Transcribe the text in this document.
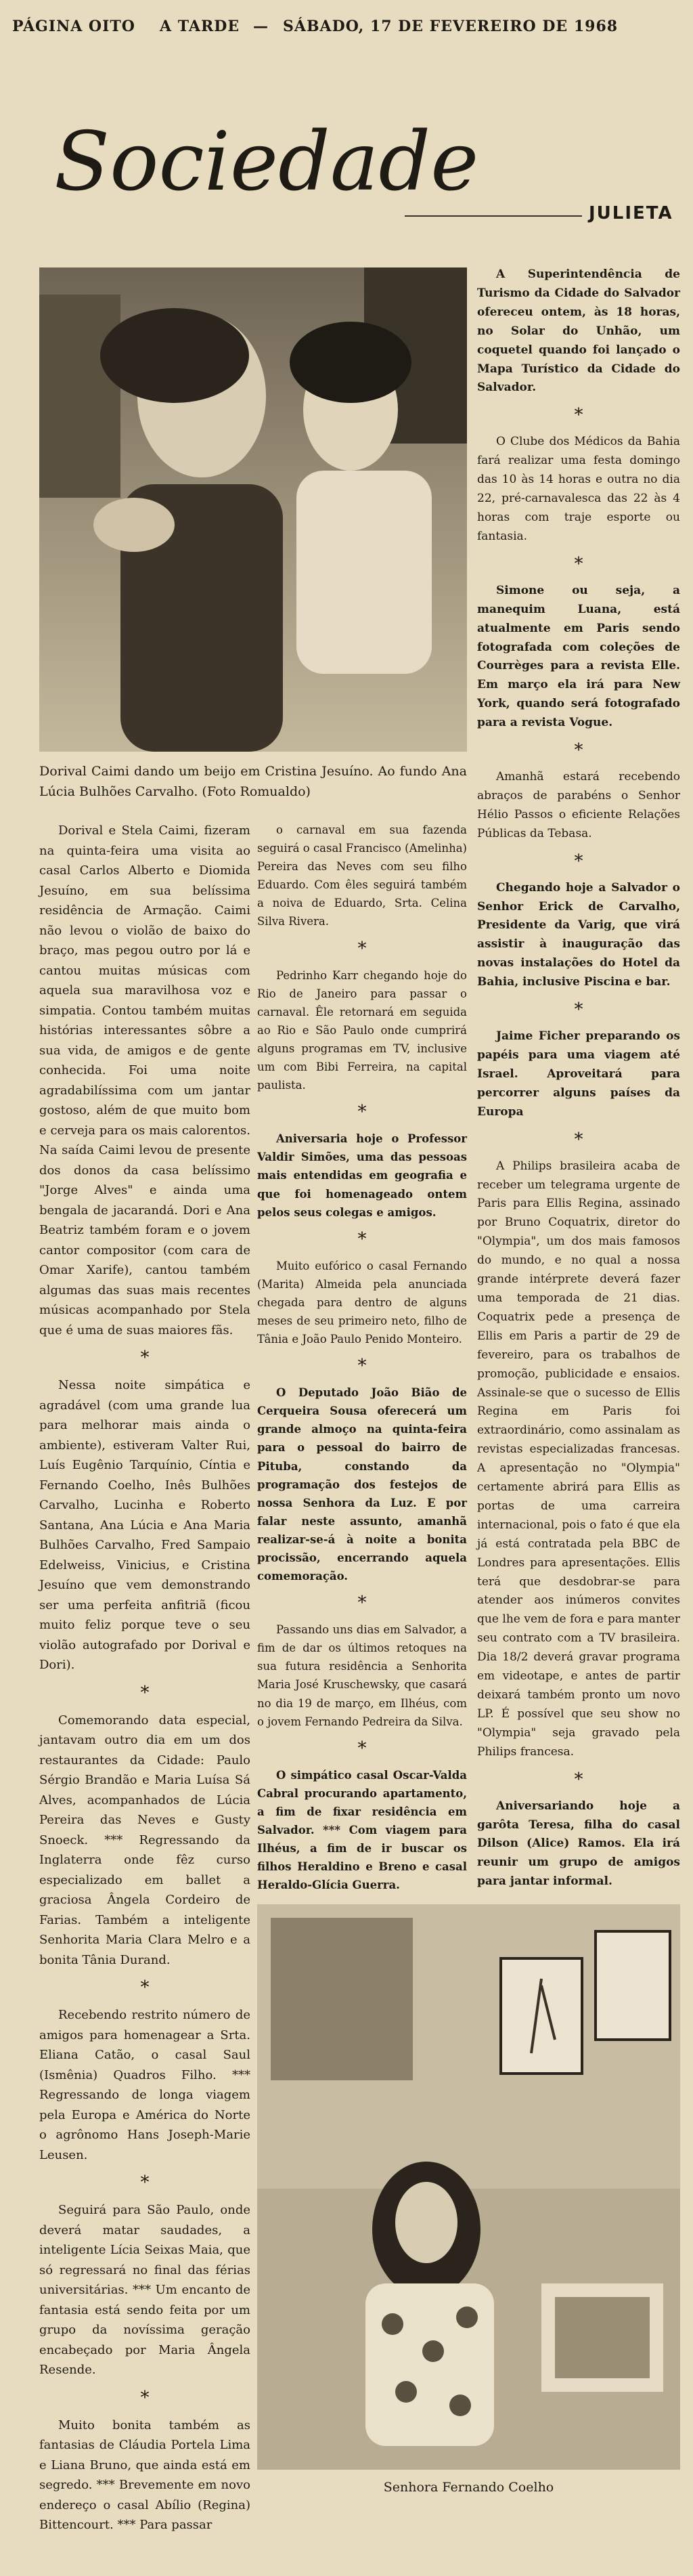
PÁGINA OITO A TARDE — SÁBADO, 17 DE FEVEREIRO DE 1968
Sociedade
JULIETA
Dorival Caimi dando um beijo em Cristina Jesuíno. Ao fundo Ana Lúcia Bulhões Carvalho. (Foto Romualdo)

A Superintendência de Turismo da Cidade do Salvador ofereceu ontem, às 18 horas, no Solar do Unhão, um coquetel quando foi lançado o Mapa Turístico da Cidade do Salvador.

*

O Clube dos Médicos da Bahia fará realizar uma festa domingo das 10 às 14 horas e outra no dia 22, pré-carnavalesca das 22 às 4 horas com traje esporte ou fantasia.

*

Simone ou seja, a manequim Luana, está atualmente em Paris sendo fotografada com coleções de Courrèges para a revista Elle. Em março ela irá para New York, quando será fotografado para a revista Vogue.

*

Amanhã estará recebendo abraços de parabéns o Senhor Hélio Passos o eficiente Relações Públicas da Tebasa.

*

Chegando hoje a Salvador o Senhor Erick de Carvalho, Presidente da Varig, que virá assistir à inauguração das novas instalações do Hotel da Bahia, inclusive Piscina e bar.

*

Jaime Ficher preparando os papéis para uma viagem até Israel. Aproveitará para percorrer alguns países da Europa

*

A Philips brasileira acaba de receber um telegrama urgente de Paris para Ellis Regina, assinado por Bruno Coquatrix, diretor do "Olympia", um dos mais famosos do mundo, e no qual a nossa grande intérprete deverá fazer uma temporada de 21 dias. Coquatrix pede a presença de Ellis em Paris a partir de 29 de fevereiro, para os trabalhos de promoção, publicidade e ensaios. Assinale-se que o sucesso de Ellis Regina em Paris foi extraordinário, como assinalam as revistas especializadas francesas. A apresentação no "Olympia" certamente abrirá para Ellis as portas de uma carreira internacional, pois o fato é que ela já está contratada pela BBC de Londres para apresentações. Ellis terá que desdobrar-se para atender aos inúmeros convites que lhe vem de fora e para manter seu contrato com a TV brasileira. Dia 18/2 deverá gravar programa em videotape, e antes de partir deixará também pronto um novo LP. É possível que seu show no "Olympia" seja gravado pela Philips francesa.

*

Aniversariando hoje a garôta Teresa, filha do casal Dilson (Alice) Ramos. Ela irá reunir um grupo de amigos para jantar informal.

Dorival e Stela Caimi, fizeram na quinta-feira uma visita ao casal Carlos Alberto e Diomida Jesuíno, em sua belíssima residência de Armação. Caimi não levou o violão de baixo do braço, mas pegou outro por lá e cantou muitas músicas com aquela sua maravilhosa voz e simpatia. Contou também muitas histórias interessantes sôbre a sua vida, de amigos e de gente conhecida. Foi uma noite agradabilíssima com um jantar gostoso, além de que muito bom e cerveja para os mais calorentos. Na saída Caimi levou de presente dos donos da casa belíssimo "Jorge Alves" e ainda uma bengala de jacarandá. Dori e Ana Beatriz também foram e o jovem cantor compositor (com cara de Omar Xarife), cantou também algumas das suas mais recentes músicas acompanhado por Stela que é uma de suas maiores fãs.

*

Nessa noite simpática e agradável (com uma grande lua para melhorar mais ainda o ambiente), estiveram Valter Rui, Luís Eugênio Tarquínio, Cíntia e Fernando Coelho, Inês Bulhões Carvalho, Lucinha e Roberto Santana, Ana Lúcia e Ana Maria Bulhões Carvalho, Fred Sampaio Edelweiss, Vinicius, e Cristina Jesuíno que vem demonstrando ser uma perfeita anfitriã (ficou muito feliz porque teve o seu violão autografado por Dorival e Dori).

*

Comemorando data especial, jantavam outro dia em um dos restaurantes da Cidade: Paulo Sérgio Brandão e Maria Luísa Sá Alves, acompanhados de Lúcia Pereira das Neves e Gusty Snoeck. *** Regressando da Inglaterra onde fêz curso especializado em ballet a graciosa Ângela Cordeiro de Farias. Também a inteligente Senhorita Maria Clara Melro e a bonita Tânia Durand.

*

Recebendo restrito número de amigos para homenagear a Srta. Eliana Catão, o casal Saul (Ismênia) Quadros Filho. *** Regressando de longa viagem pela Europa e América do Norte o agrônomo Hans Joseph-Marie Leusen.

*

Seguirá para São Paulo, onde deverá matar saudades, a inteligente Lícia Seixas Maia, que só regressará no final das férias universitárias. *** Um encanto de fantasia está sendo feita por um grupo da novíssima geração encabeçado por Maria Ângela Resende.

*

Muito bonita também as fantasias de Cláudia Portela Lima e Liana Bruno, que ainda está em segredo. *** Brevemente em novo endereço o casal Abílio (Regina) Bittencourt. *** Para passar

o carnaval em sua fazenda seguirá o casal Francisco (Amelinha) Pereira das Neves com seu filho Eduardo. Com êles seguirá também a noiva de Eduardo, Srta. Celina Silva Rivera.

*

Pedrinho Karr chegando hoje do Rio de Janeiro para passar o carnaval. Êle retornará em seguida ao Rio e São Paulo onde cumprirá alguns programas em TV, inclusive um com Bibi Ferreira, na capital paulista.

*

Aniversaria hoje o Professor Valdir Simões, uma das pessoas mais entendidas em geografia e que foi homenageado ontem pelos seus colegas e amigos.

*

Muito eufórico o casal Fernando (Marita) Almeida pela anunciada chegada para dentro de alguns meses de seu primeiro neto, filho de Tânia e João Paulo Penido Monteiro.

*

O Deputado João Bião de Cerqueira Sousa oferecerá um grande almoço na quinta-feira para o pessoal do bairro de Pituba, constando da programação dos festejos de nossa Senhora da Luz. E por falar neste assunto, amanhã realizar-se-á à noite a bonita procissão, encerrando aquela comemoração.

*

Passando uns dias em Salvador, a fim de dar os últimos retoques na sua futura residência a Senhorita Maria José Kruschewsky, que casará no dia 19 de março, em Ilhéus, com o jovem Fernando Pedreira da Silva.

*

O simpático casal Oscar-Valda Cabral procurando apartamento, a fim de fixar residência em Salvador. *** Com viagem para Ilhéus, a fim de ir buscar os filhos Heraldino e Breno e casal Heraldo-Glícia Guerra.

Senhora Fernando Coelho
